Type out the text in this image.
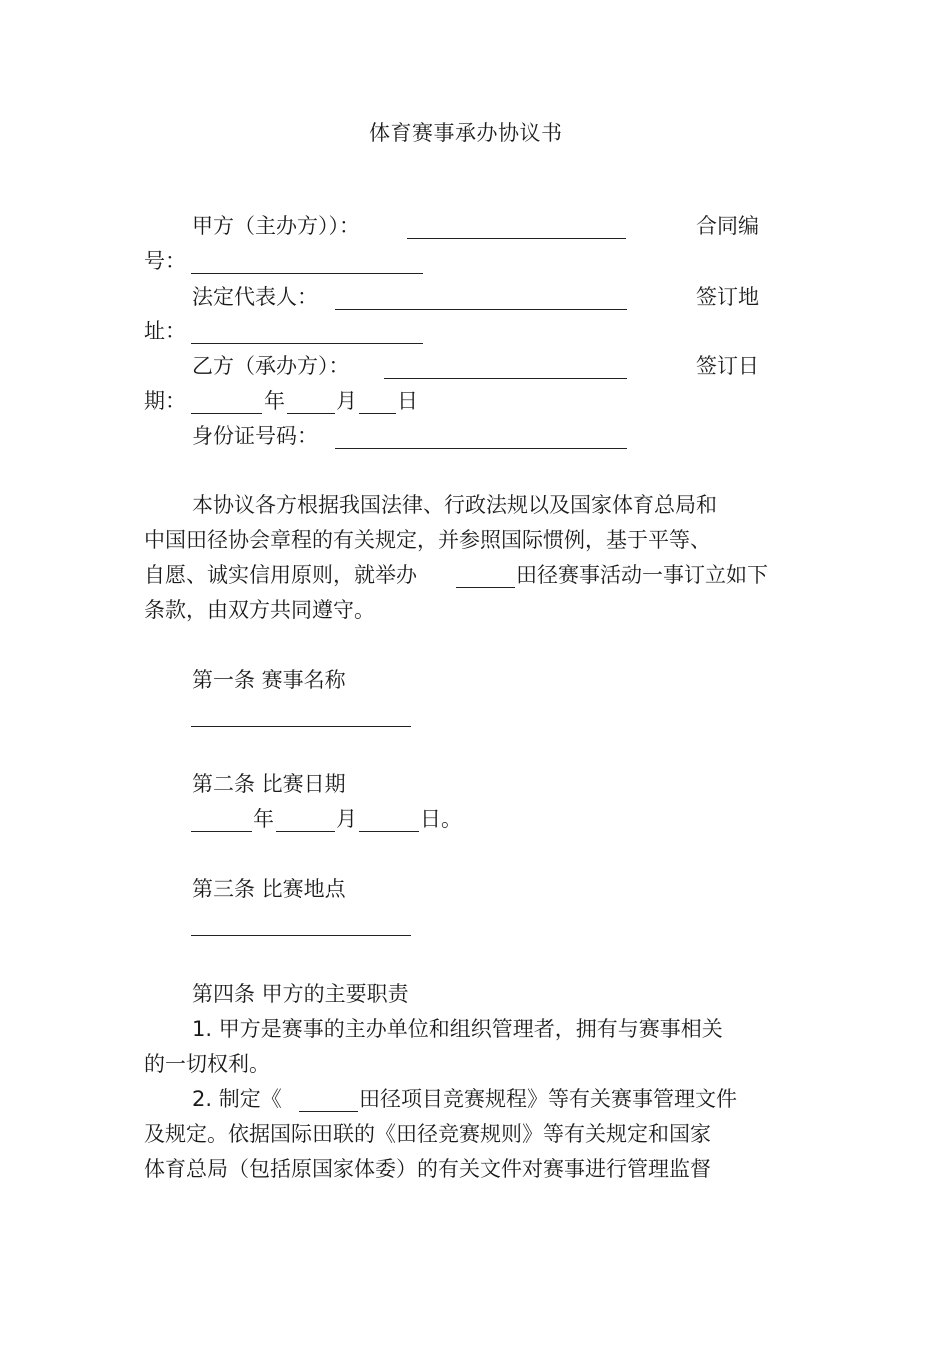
体育赛事承办协议书
甲方（主办方））：	合同编
号：
法定代表人：	签订地
址：
乙方（承办方）：	签订日
期：	年 月 日
身份证号码：
本协议各方根据我国法律、行政法规以及国家体育总局和
中国田径协会章程的有关规定，并参照国际惯例，基于平等、
自愿、诚实信用原则，就举办	田径赛事活动一事订立如下
条款，由双方共同遵守。
第一条 赛事名称
第二条 比赛日期
年	月	日。
第三条 比赛地点
第四条 甲方的主要职责
1. 甲方是赛事的主办单位和组织管理者，拥有与赛事相关
的一切权利。
2. 制定《	田径项目竞赛规程》等有关赛事管理文件
及规定。依据国际田联的《田径竞赛规则》等有关规定和国家
体育总局（包括原国家体委）的有关文件对赛事进行管理监督
